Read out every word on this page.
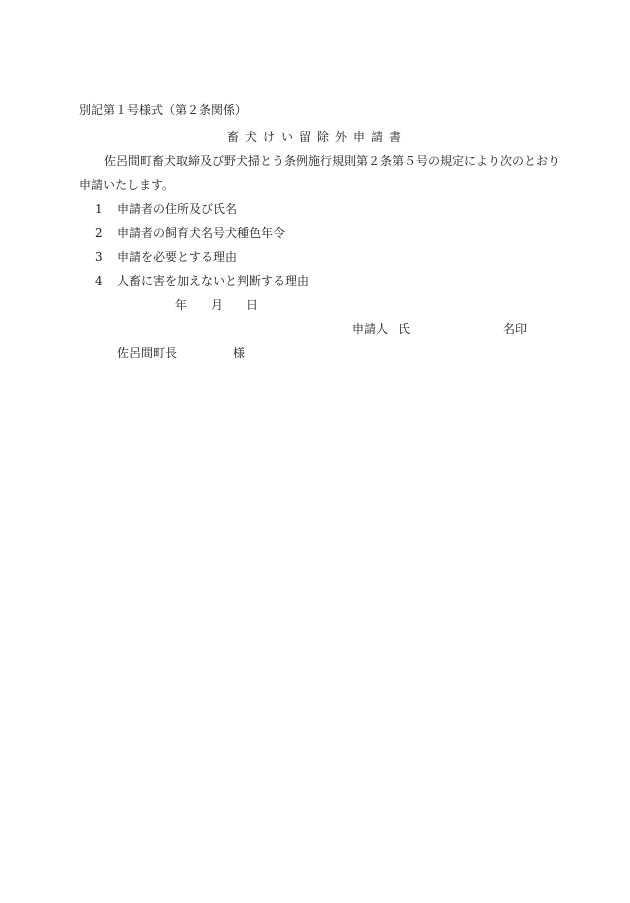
別記第１号様式（第２条関係）
畜犬けい留除外申請書
佐呂間町畜犬取締及び野犬掃とう条例施行規則第２条第５号の規定により次のとおり
申請いたします。
1 申請者の住所及び氏名
2 申請者の飼育犬名号犬種色年令
3 申請を必要とする理由
4 人畜に害を加えないと判断する理由
年 月 日
申請人 氏	名印
佐呂間町長	様
